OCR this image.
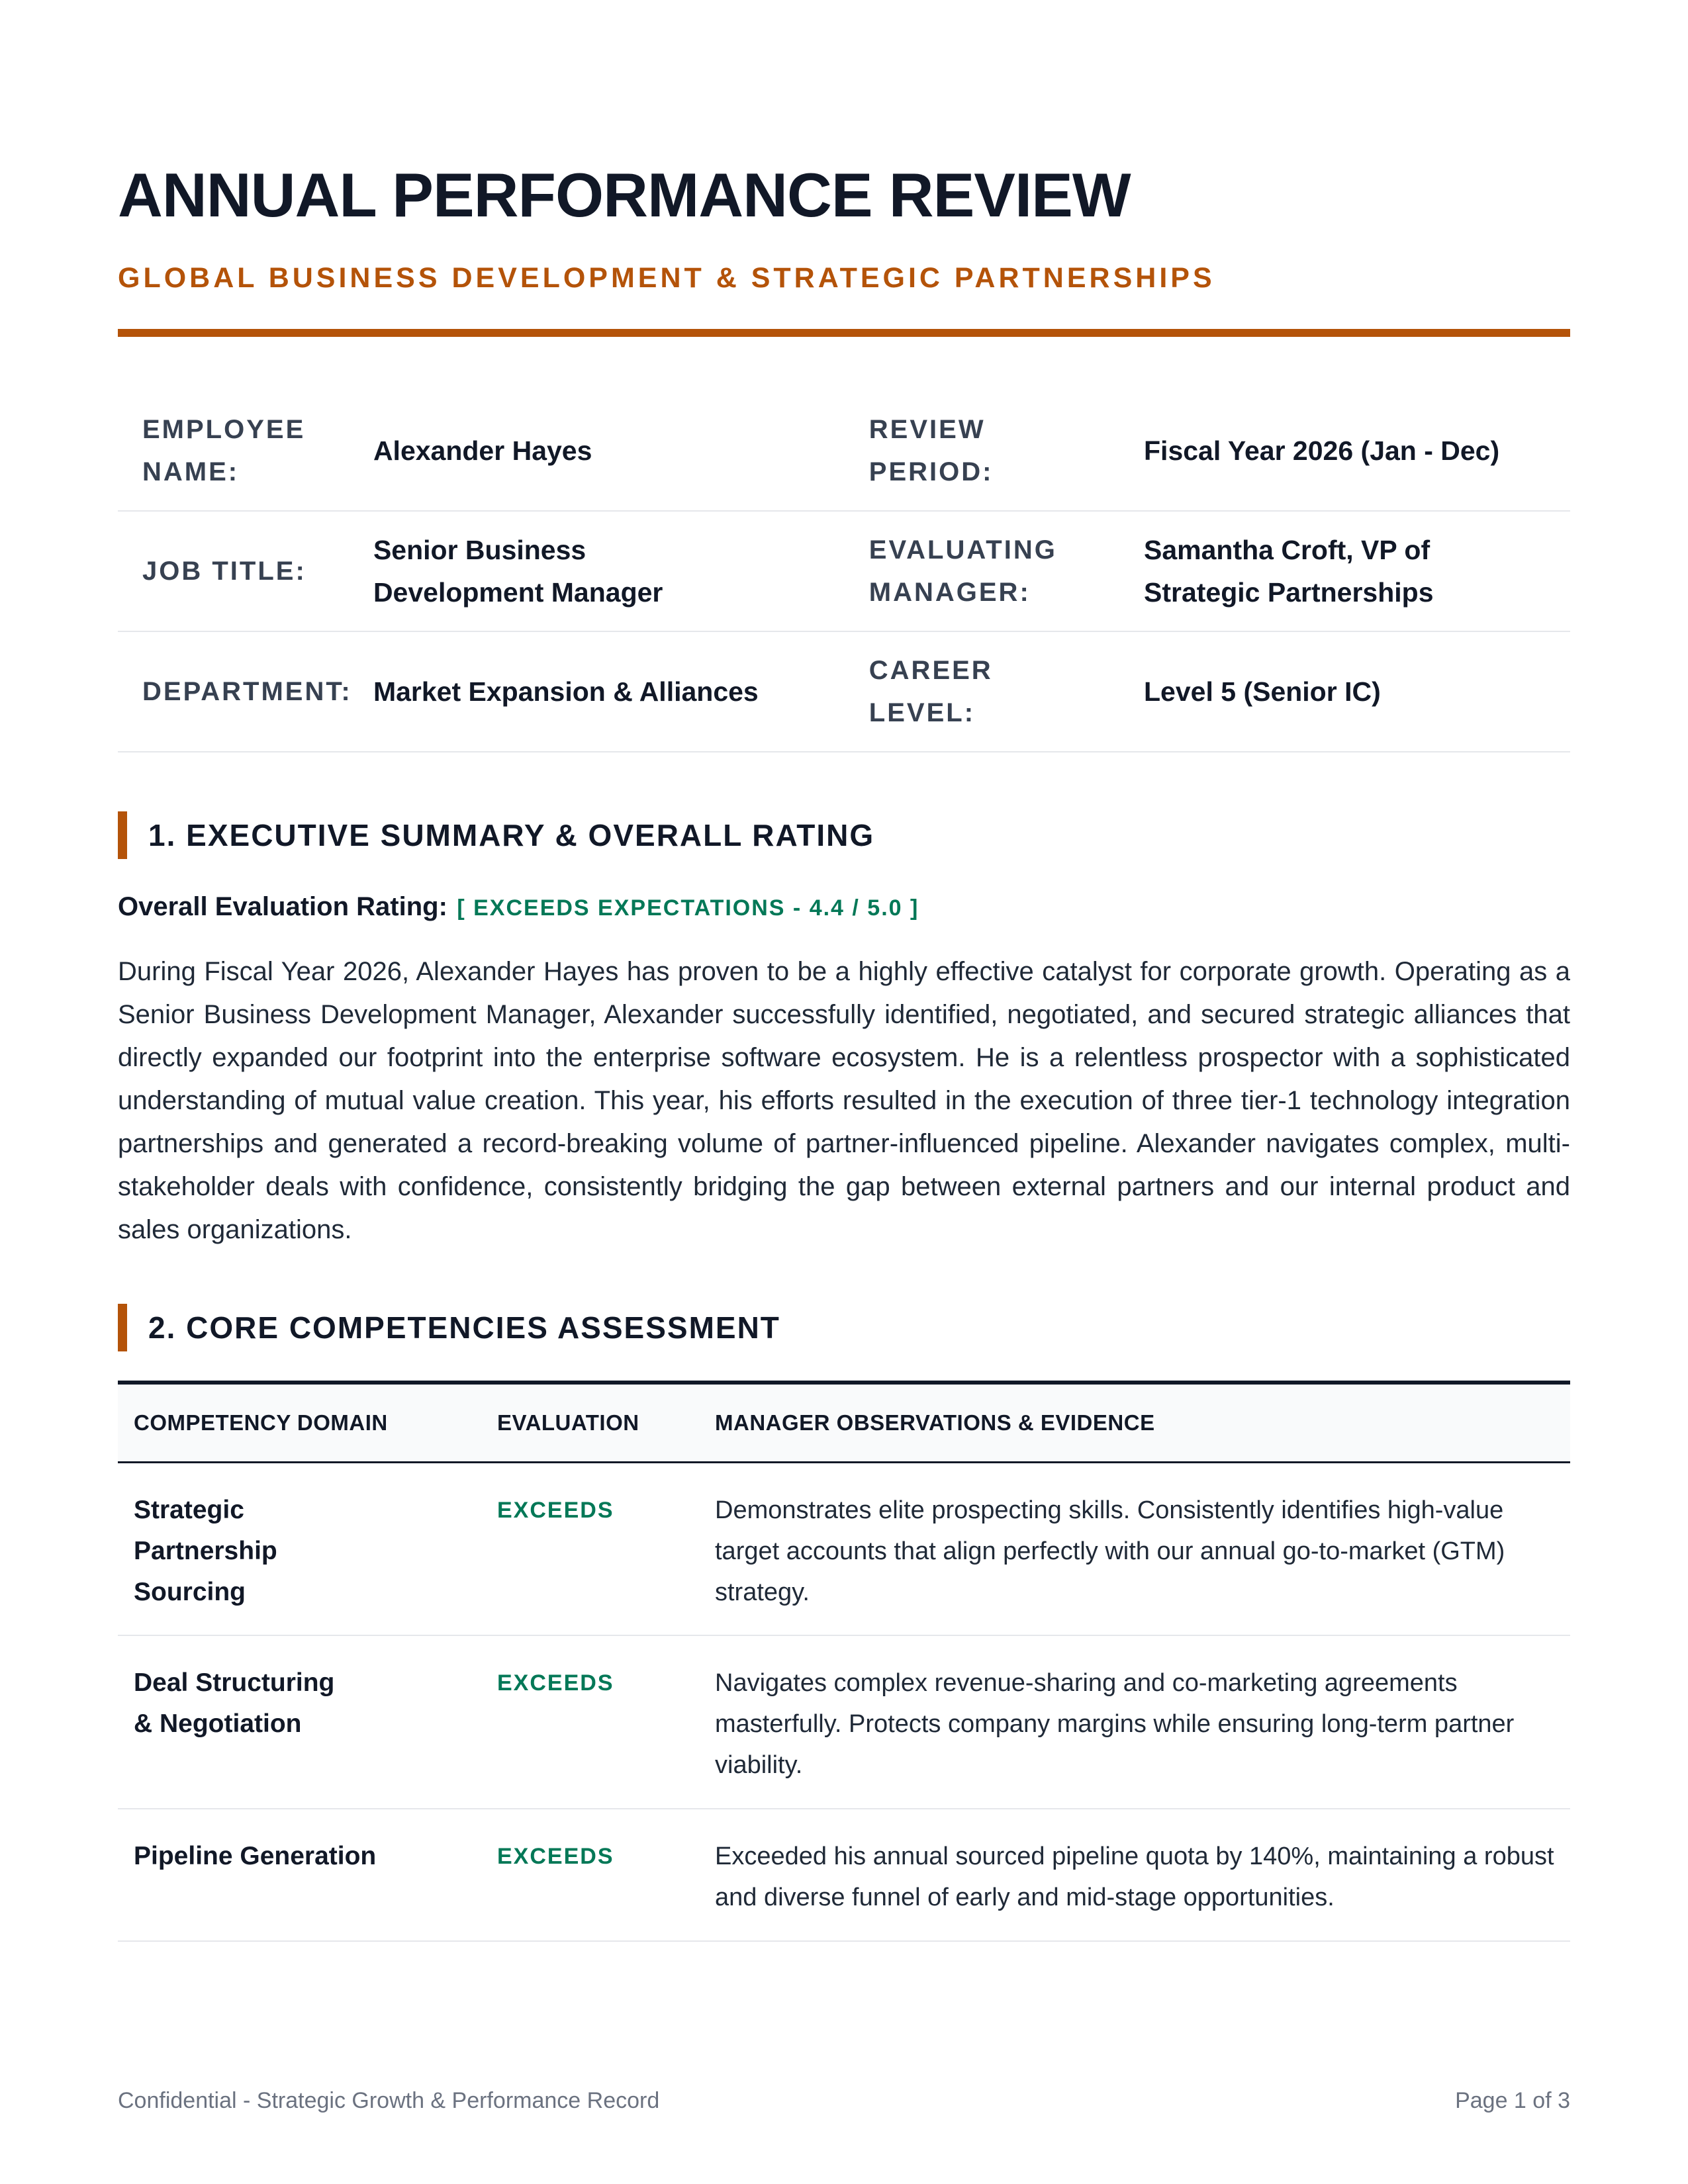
ANNUAL PERFORMANCE REVIEW
GLOBAL BUSINESS DEVELOPMENT & STRATEGIC PARTNERSHIPS
EMPLOYEE NAME:	Alexander Hayes	REVIEW PERIOD:	Fiscal Year 2026 (Jan - Dec)
JOB TITLE:	Senior Business Development Manager	EVALUATING MANAGER:	Samantha Croft, VP of Strategic Partnerships
DEPARTMENT:	Market Expansion & Alliances	CAREER LEVEL:	Level 5 (Senior IC)
1. EXECUTIVE SUMMARY & OVERALL RATING
Overall Evaluation Rating: [ EXCEEDS EXPECTATIONS - 4.4 / 5.0 ]

During Fiscal Year 2026, Alexander Hayes has proven to be a highly effective catalyst for corporate growth. Operating as a Senior Business Development Manager, Alexander successfully identified, negotiated, and secured strategic alliances that directly expanded our footprint into the enterprise software ecosystem. He is a relentless prospector with a sophisticated understanding of mutual value creation. This year, his efforts resulted in the execution of three tier-1 technology integration partnerships and generated a record-breaking volume of partner-influenced pipeline. Alexander navigates complex, multi-stakeholder deals with confidence, consistently bridging the gap between external partners and our internal product and sales organizations.

2. CORE COMPETENCIES ASSESSMENT
COMPETENCY DOMAIN	EVALUATION	MANAGER OBSERVATIONS & EVIDENCE
Strategic Partnership Sourcing	EXCEEDS	Demonstrates elite prospecting skills. Consistently identifies high-value target accounts that align perfectly with our annual go-to-market (GTM) strategy.
Deal Structuring & Negotiation	EXCEEDS	Navigates complex revenue-sharing and co-marketing agreements masterfully. Protects company margins while ensuring long-term partner viability.
Pipeline Generation	EXCEEDS	Exceeded his annual sourced pipeline quota by 140%, maintaining a robust and diverse funnel of early and mid-stage opportunities.
Confidential - Strategic Growth & Performance Record	Page 1 of 3
